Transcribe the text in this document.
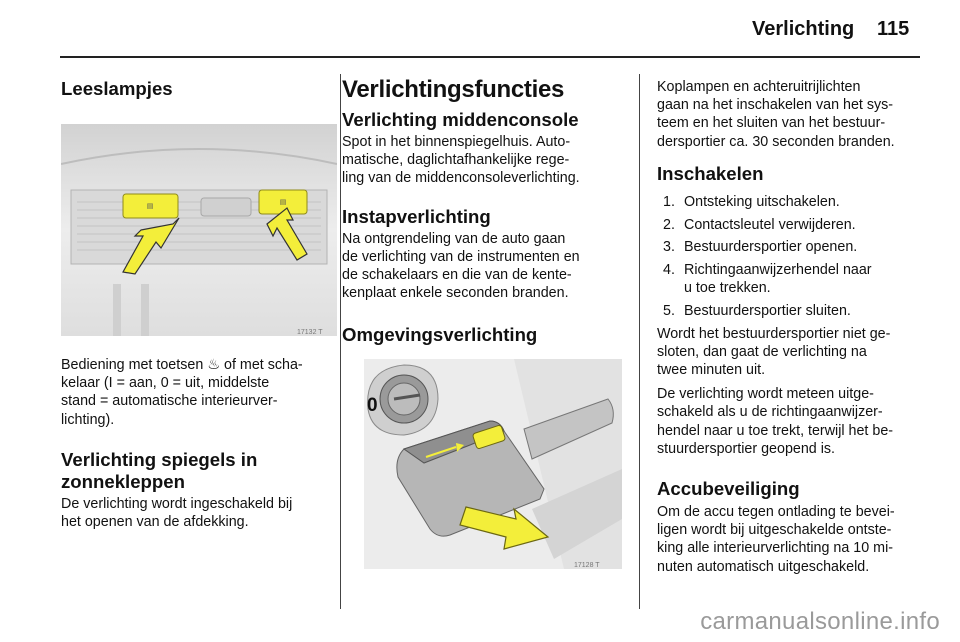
Verlichting 115
Leeslampjes
▤
▤
17132 T

Bediening met toetsen ♨ of met scha-

kelaar (I = aan, 0 = uit, middelste

stand = automatische interieurver-

lichting).

Verlichting spiegels in
zonnekleppen

De verlichting wordt ingeschakeld bij

het openen van de afdekking.

Verlichtingsfuncties
Verlichting middenconsole

Spot in het binnenspiegelhuis. Auto-

matische, daglichtafhankelijke rege-

ling van de middenconsoleverlichting.

Instapverlichting

Na ontgrendeling van de auto gaan

de verlichting van de instrumenten en

de schakelaars en die van de kente-

kenplaat enkele seconden branden.

Omgevingsverlichting
0
17128 T

Koplampen en achteruitrijlichten

gaan na het inschakelen van het sys-

teem en het sluiten van het bestuur-

dersportier ca. 30 seconden branden.

Inschakelen
1. Ontsteking uitschakelen.
2. Contactsleutel verwijderen.
3. Bestuurdersportier openen.
4. Richtingaanwijzerhendel naar
u toe trekken.
5. Bestuurdersportier sluiten.

Wordt het bestuurdersportier niet ge-

sloten, dan gaat de verlichting na

twee minuten uit.

De verlichting wordt meteen uitge-

schakeld als u de richtingaanwijzer-

hendel naar u toe trekt, terwijl het be-

stuurdersportier geopend is.

Accubeveiliging

Om de accu tegen ontlading te bevei-

ligen wordt bij uitgeschakelde ontste-

king alle interieurverlichting na 10 mi-

nuten automatisch uitgeschakeld.

carmanualsonline.info
